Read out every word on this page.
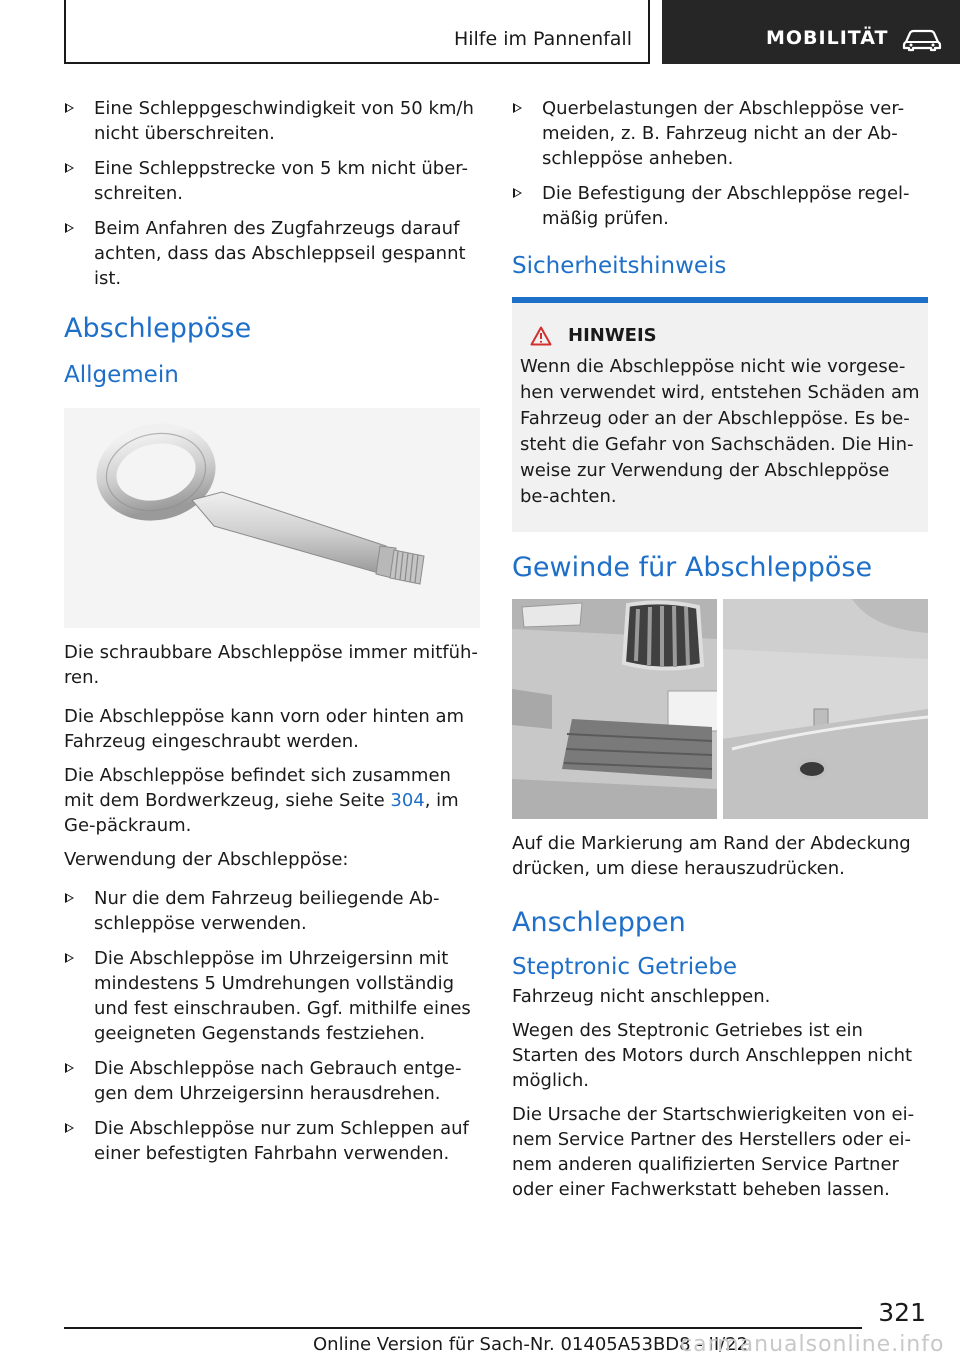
Hilfe im Pannenfall	MOBILITÄT
Eine Schleppgeschwindigkeit von 50 km/h nicht überschreiten.
Eine Schleppstrecke von 5 km nicht über-schreiten.
Beim Anfahren des Zugfahrzeugs darauf achten, dass das Abschleppseil gespannt ist.
Abschleppöse
Allgemein

Die schraubbare Abschleppöse immer mitfüh-ren.

Die Abschleppöse kann vorn oder hinten am Fahrzeug eingeschraubt werden.

Die Abschleppöse befindet sich zusammen mit dem Bordwerkzeug, siehe Seite 304, im Ge-päckraum.

Verwendung der Abschleppöse:

Nur die dem Fahrzeug beiliegende Ab-schleppöse verwenden.
Die Abschleppöse im Uhrzeigersinn mit mindestens 5 Umdrehungen vollständig und fest einschrauben. Ggf. mithilfe eines geeigneten Gegenstands festziehen.
Die Abschleppöse nach Gebrauch entge-gen dem Uhrzeigersinn herausdrehen.
Die Abschleppöse nur zum Schleppen auf einer befestigten Fahrbahn verwenden.
Querbelastungen der Abschleppöse ver-meiden, z. B. Fahrzeug nicht an der Ab-schleppöse anheben.
Die Befestigung der Abschleppöse regel-mäßig prüfen.
Sicherheitshinweis
HINWEIS
Wenn die Abschleppöse nicht wie vorgese-hen verwendet wird, entstehen Schäden am Fahrzeug oder an der Abschleppöse. Es be-steht die Gefahr von Sachschäden. Die Hin-weise zur Verwendung der Abschleppöse be-achten.
Gewinde für Abschleppöse

Auf die Markierung am Rand der Abdeckung drücken, um diese herauszudrücken.

Anschleppen
Steptronic Getriebe

Fahrzeug nicht anschleppen.

Wegen des Steptronic Getriebes ist ein Starten des Motors durch Anschleppen nicht möglich.

Die Ursache der Startschwierigkeiten von ei-nem Service Partner des Herstellers oder ei-nem anderen qualifizierten Service Partner oder einer Fachwerkstatt beheben lassen.

321
Online Version für Sach-Nr. 01405A53BD8 - II/22
carmanualsonline.info
